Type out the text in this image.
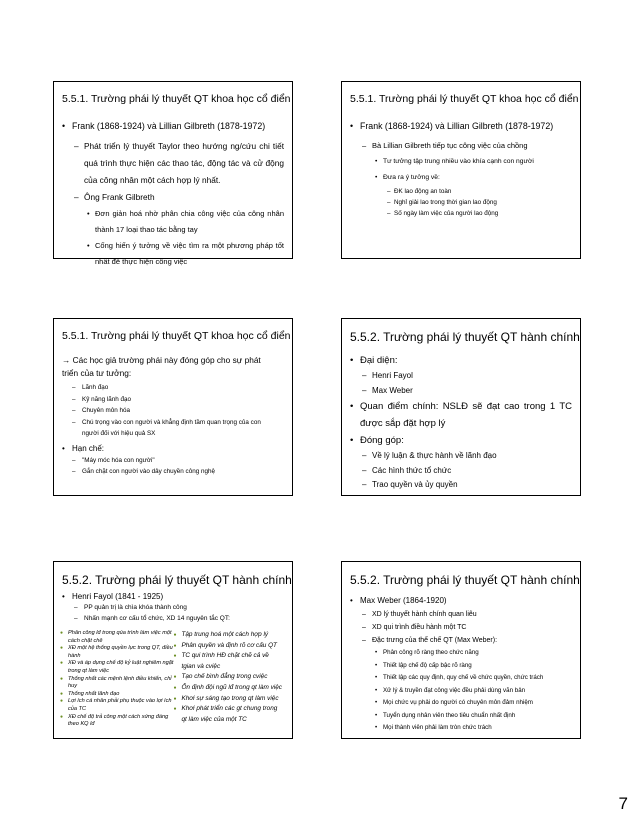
5.5.1. Trường phái lý thuyết QT khoa học cổ điển
• Frank (1868-1924) và Lillian Gilbreth (1878-1972)
– Phát triển lý thuyết Taylor theo hướng ng/cứu chi tiết quá trình thực hiện các thao tác, động tác và cử động của công nhân một cách hợp lý nhất.
– Ông Frank Gilbreth
• Đơn giản hoá nhờ phân chia công việc của công nhân thành 17 loại thao tác bằng tay
• Cống hiến ý tưởng về việc tìm ra một phương pháp tốt nhất để thực hiện công việc
5.5.1. Trường phái lý thuyết QT khoa học cổ điển
• Frank (1868-1924) và Lillian Gilbreth (1878-1972)
– Bà Lillian Gilbreth tiếp tục công việc của chồng
• Tư tưởng tập trung nhiều vào khía cạnh con người
• Đưa ra ý tưởng về:
– ĐK lao động an toàn
– Nghỉ giải lao trong thời gian lao động
– Số ngày làm việc của người lao động
5.5.1. Trường phái lý thuyết QT khoa học cổ điển
→ Các học giả trường phái này đóng góp cho sự phát triển của tư tưởng:
– Lãnh đạo
– Kỹ năng lãnh đạo
– Chuyên môn hóa
– Chú trọng vào con người và khẳng định tầm quan trọng của con người đối với hiệu quả SX
• Hạn chế:
– "Máy móc hóa con người"
– Gắn chặt con người vào dây chuyền công nghệ
5.5.2. Trường phái lý thuyết QT hành chính
• Đại diện:
– Henri Fayol
– Max Weber
• Quan điểm chính: NSLĐ sẽ đạt cao trong 1 TC được sắp đặt hợp lý
• Đóng góp:
– Về lý luận & thực hành về lãnh đạo
– Các hình thức tổ chức
– Trao quyền và ủy quyền
5.5.2. Trường phái lý thuyết QT hành chính
• Henri Fayol (1841 - 1925)
– PP quản trị là chìa khóa thành công
– Nhấn mạnh cơ cấu tổ chức, XD 14 nguyên tắc QT:
● Phân công lđ trong qúa trình làm việc một cách chặt chẽ
● XĐ một hệ thống quyền lực trong QT, điều hành
● XĐ và áp dụng chế độ kỷ luật nghiêm ngặt trong qt làm việc
● Thống nhất các mệnh lệnh điều khiển, chỉ huy
● Thống nhất lãnh đạo
● Lợi ích cá nhân phải phụ thuộc vào lợi ích của TC
● XĐ chế độ trả công một cách xứng đáng theo KQ lđ
● Tập trung hoá một cách hợp lý
● Phân quyền và định rõ cơ cấu QT
● TC qui trình HĐ chặt chẽ cả về tgian và cviệc
● Tạo chế bình đẳng trong cviệc
● Ổn định đội ngũ lđ trong qt làm việc
● Khơi sự sáng tạo trong qt làm việc
● Khơi phát triển các gt chung trong qt làm việc của một TC
5.5.2. Trường phái lý thuyết QT hành chính
• Max Weber (1864-1920)
– XD lý thuyết hành chính quan liêu
– XD qui trình điều hành một TC
– Đặc trưng của thể chế QT (Max Weber):
• Phân công rõ ràng theo chức năng
• Thiết lập chế độ cấp bậc rõ ràng
• Thiết lập các quy định, quy chế về chức quyền, chức trách
• Xử lý & truyền đạt công việc đều phải dùng văn bản
• Mọi chức vụ phải do người có chuyên môn đảm nhiệm
• Tuyển dụng nhân viên theo tiêu chuẩn nhất định
• Mọi thành viên phải làm tròn chức trách
7
